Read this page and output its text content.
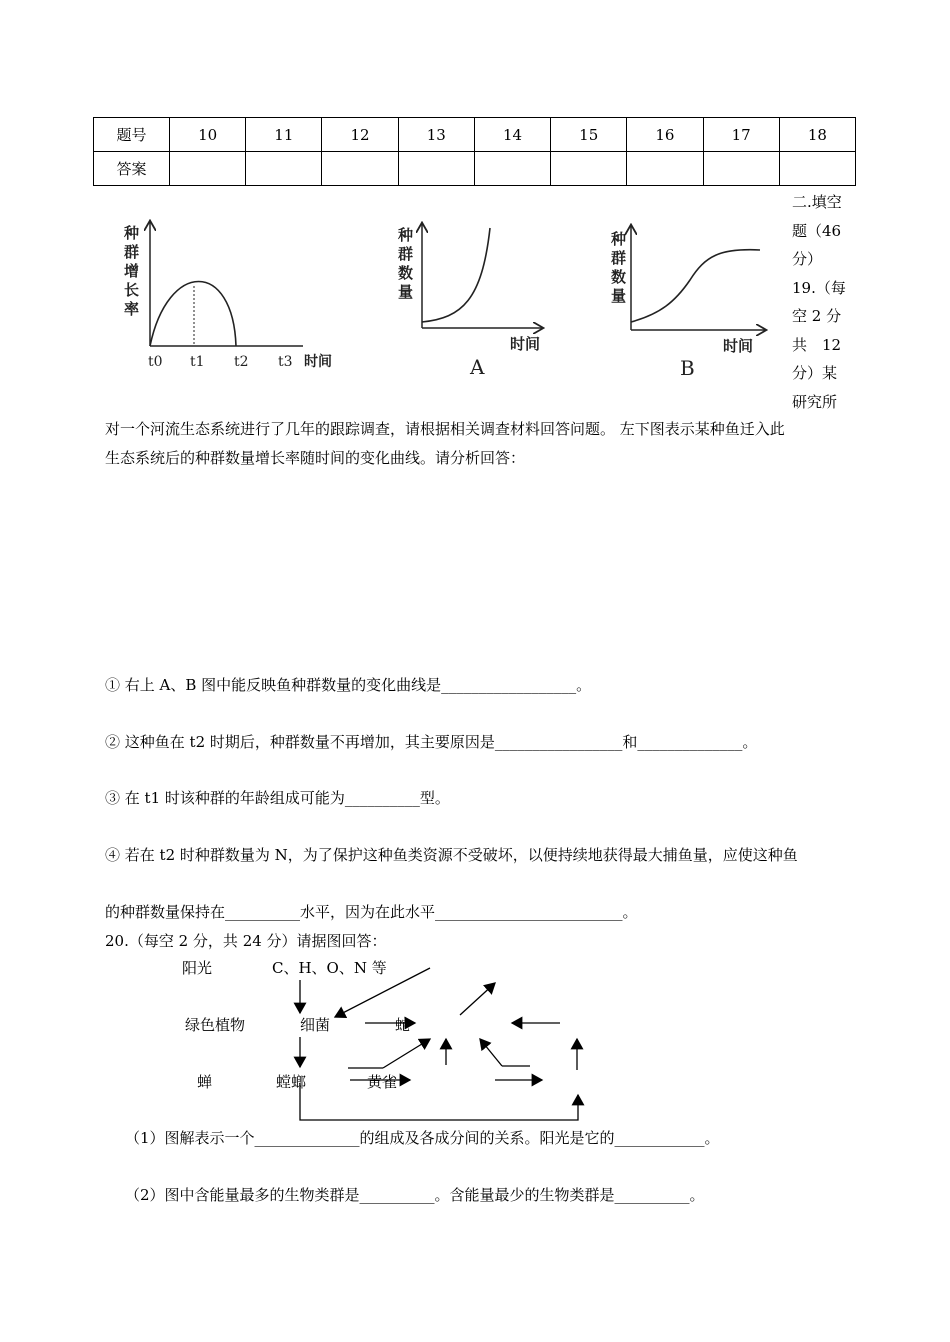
题号	10	11	12	13	14	15	16	17	18
答案									
二.填空
题（46
分）
19.（每
空 2 分
共　12
分）某
研究所
种
群
增
长
率
t0 t1 t2 t3 时间
种
群
数
量
时间
A
种
群
数
量
时间
B
对一个河流生态系统进行了几年的跟踪调查，请根据相关调查材料回答问题。 左下图表示某种鱼迁入此
生态系统后的种群数量增长率随时间的变化曲线。请分析回答：
① 右上 A、B 图中能反映鱼种群数量的变化曲线是__________________。
② 这种鱼在 t2 时期后，种群数量不再增加，其主要原因是_________________和______________。
③ 在 t1 时该种群的年龄组成可能为__________型。
④ 若在 t2 时种群数量为 N，为了保护这种鱼类资源不受破坏，以便持续地获得最大捕鱼量，应使这种鱼
的种群数量保持在__________水平，因为在此水平_________________________。
20.（每空 2 分，共 24 分）请据图回答：
阳光	C、H、O、N 等
绿色植物	细菌	蛇
蝉	螳螂	黄雀
（1）图解表示一个______________的组成及各成分间的关系。阳光是它的____________。
（2）图中含能量最多的生物类群是__________。含能量最少的生物类群是__________。
